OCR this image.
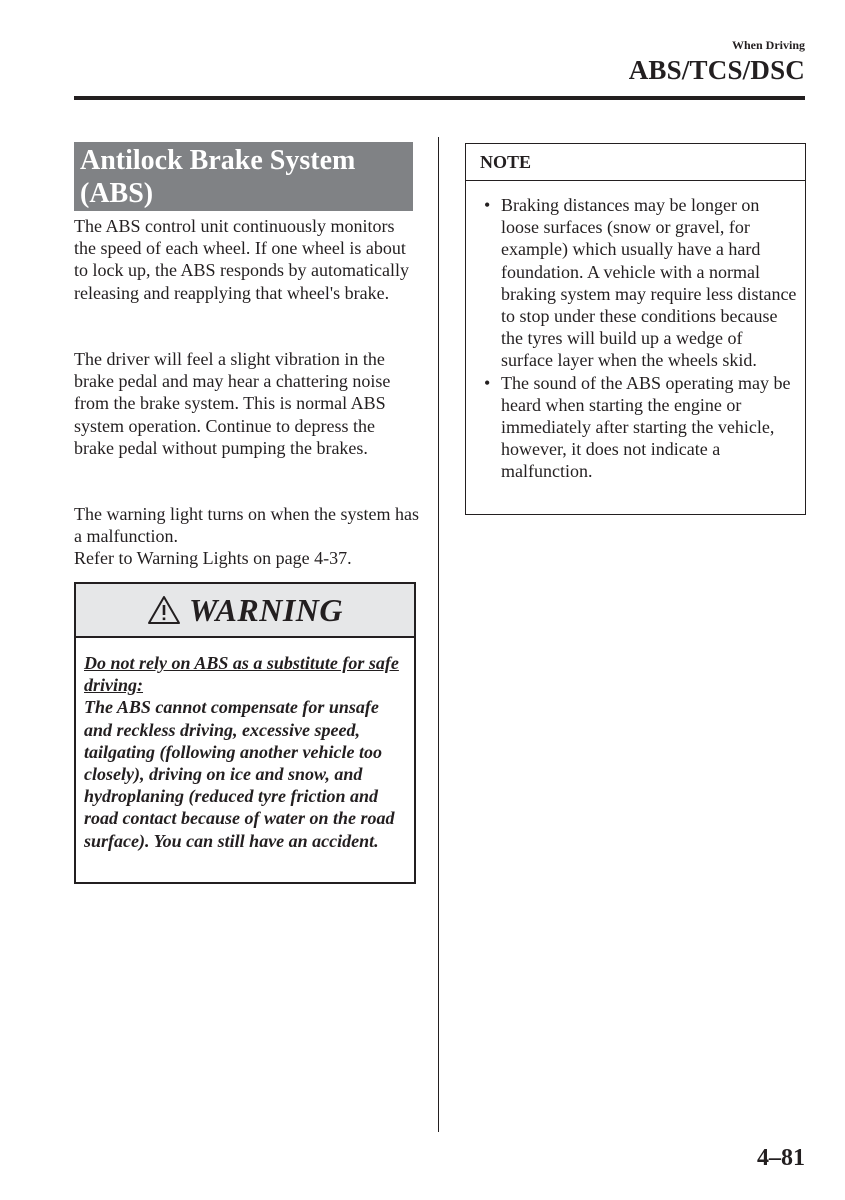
When Driving
ABS/TCS/DSC
Antilock Brake System
(ABS)
The ABS control unit continuously monitors the speed of each wheel. If one wheel is about to lock up, the ABS responds by automatically releasing and reapplying that wheel's brake.
The driver will feel a slight vibration in the brake pedal and may hear a chattering noise from the brake system. This is normal ABS system operation. Continue to depress the brake pedal without pumping the brakes.
The warning light turns on when the system has a malfunction.
Refer to Warning Lights on page 4-37.
WARNING
Do not rely on ABS as a substitute for safe driving:
The ABS cannot compensate for unsafe and reckless driving, excessive speed, tailgating (following another vehicle too closely), driving on ice and snow, and hydroplaning (reduced tyre friction and road contact because of water on the road surface). You can still have an accident.
NOTE
• Braking distances may be longer on loose surfaces (snow or gravel, for example) which usually have a hard foundation. A vehicle with a normal braking system may require less distance to stop under these conditions because the tyres will build up a wedge of surface layer when the wheels skid.
• The sound of the ABS operating may be heard when starting the engine or immediately after starting the vehicle, however, it does not indicate a malfunction.
4–81
